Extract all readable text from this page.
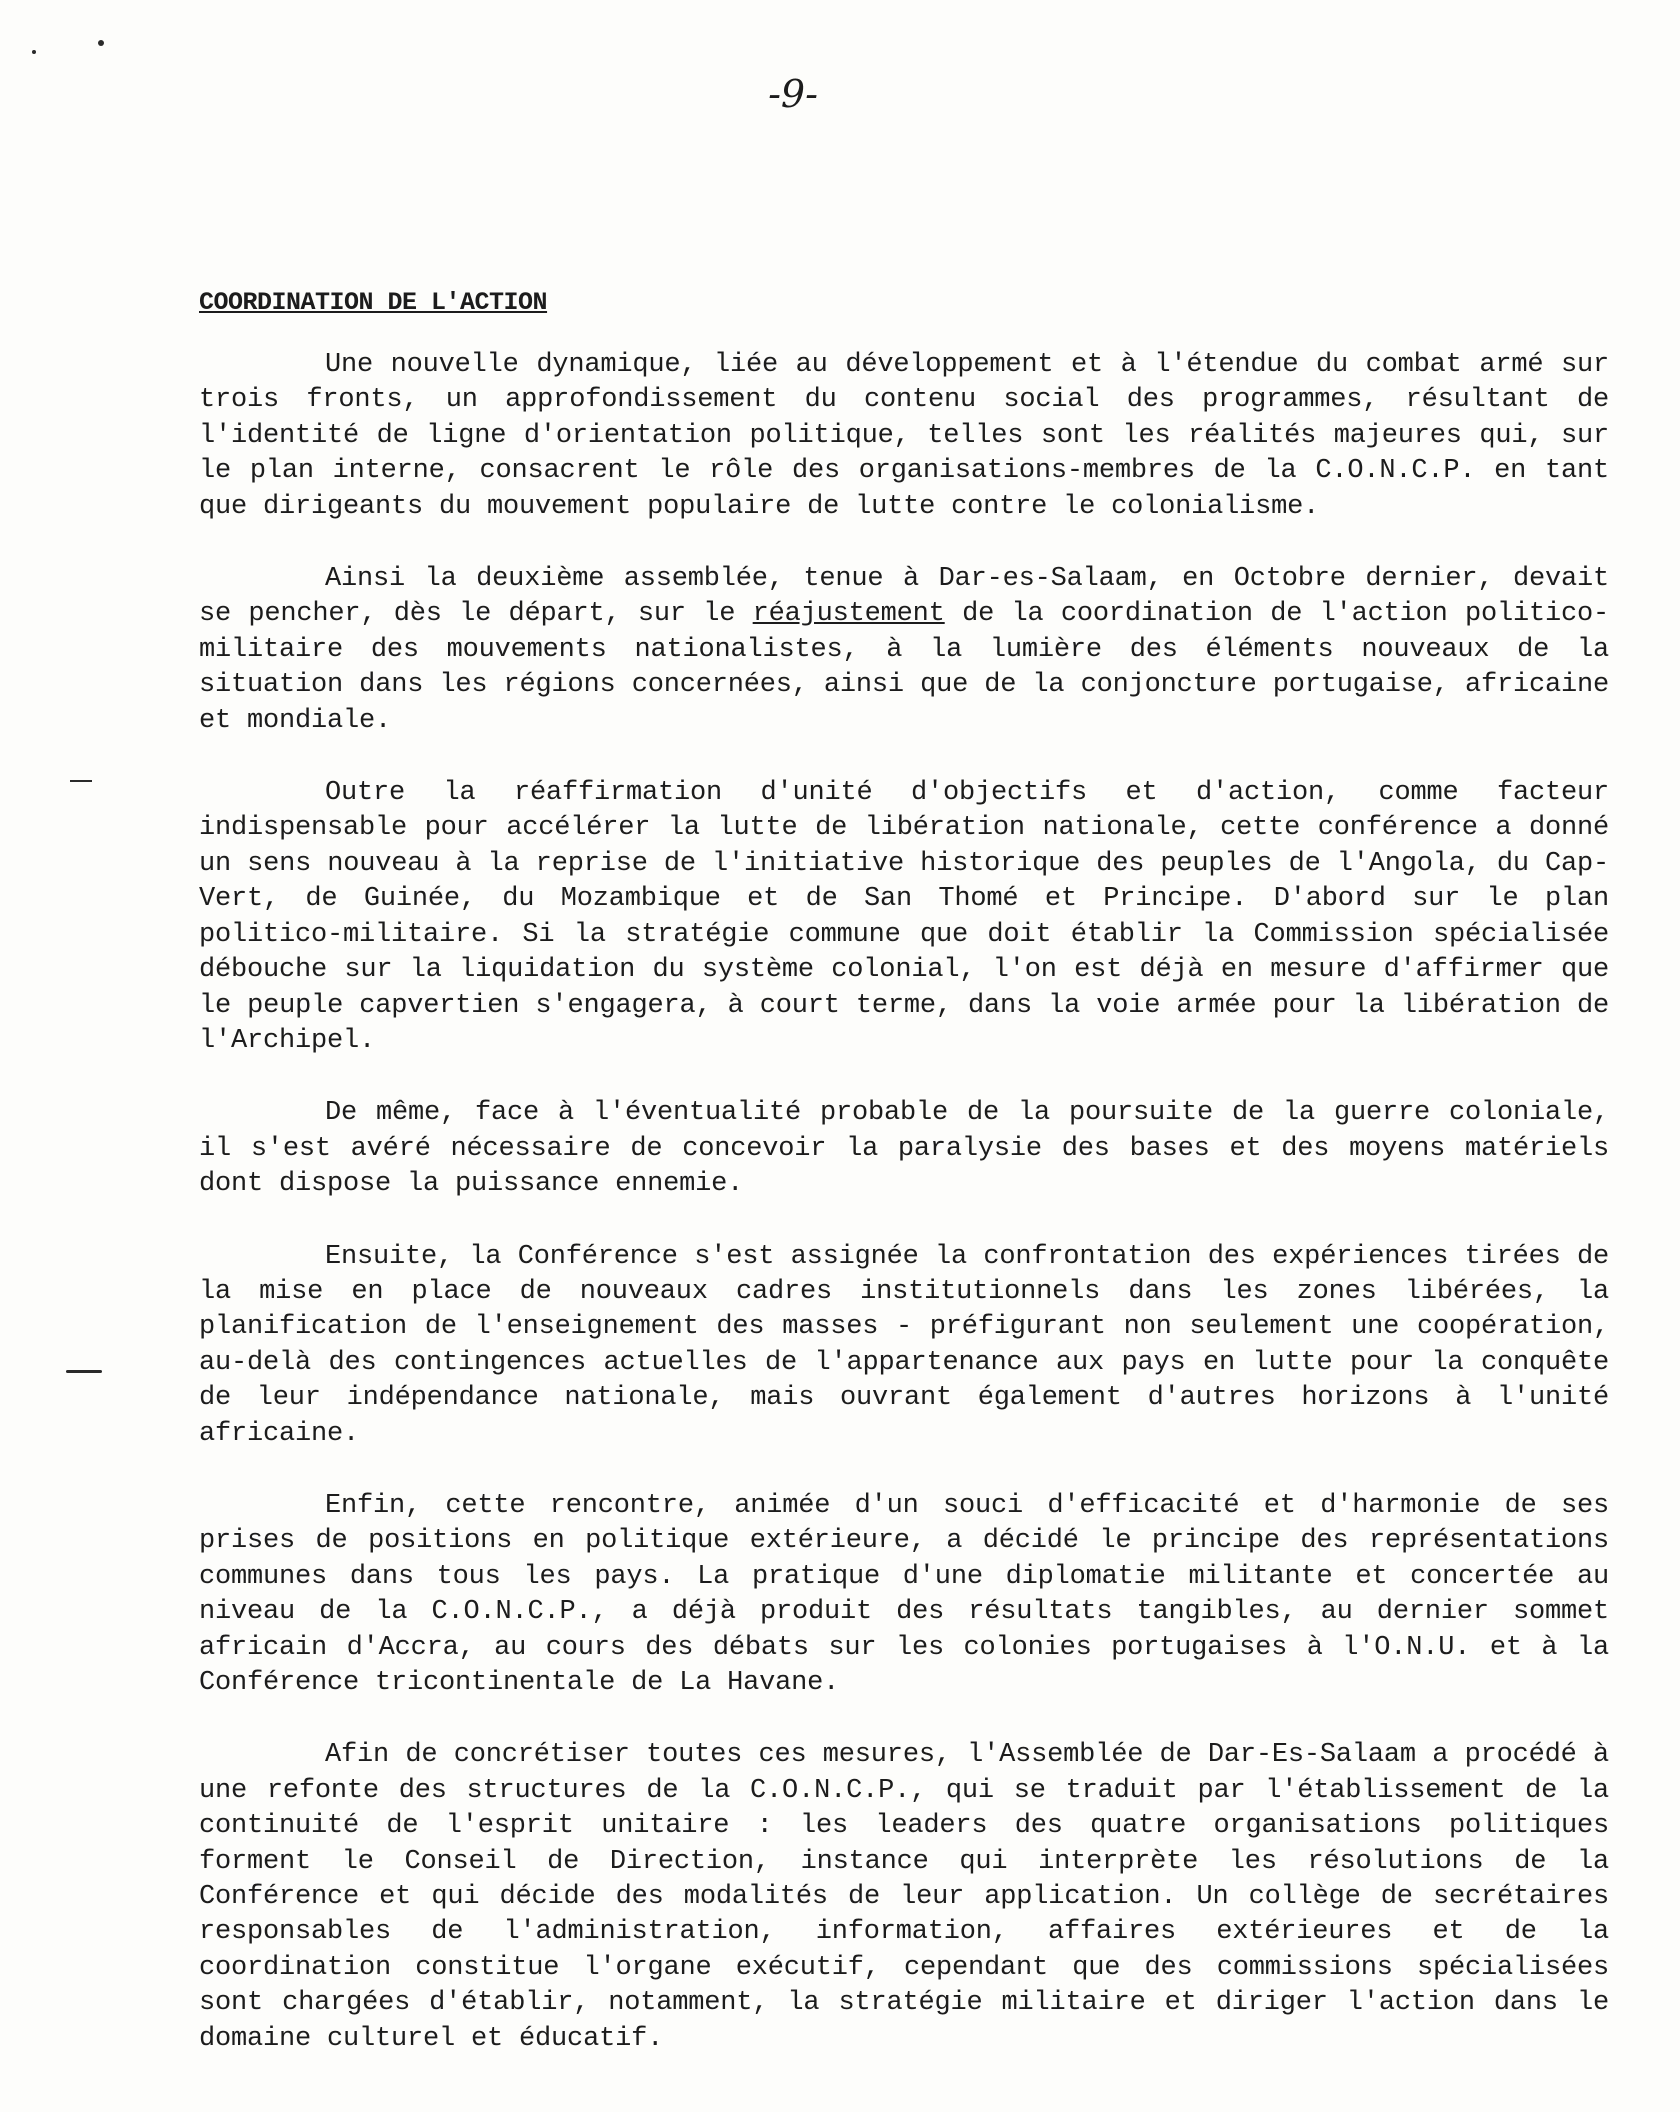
-9-
COORDINATION DE L'ACTION

Une nouvelle dynamique, liée au développement et à l'étendue du combat armé sur trois fronts, un approfondissement du contenu social des programmes, résultant de l'identité de ligne d'orientation politique, telles sont les réalités majeures qui, sur le plan interne, consacrent le rôle des organisations-membres de la C.O.N.C.P. en tant que dirigeants du mouvement populaire de lutte contre le colonialisme.

Ainsi la deuxième assemblée, tenue à Dar-es-Salaam, en Octobre dernier, devait se pencher, dès le départ, sur le réajustement de la coordination de l'action politico-militaire des mouvements nationalistes, à la lumière des éléments nouveaux de la situation dans les régions concernées, ainsi que de la conjoncture portugaise, africaine et mondiale.

Outre la réaffirmation d'unité d'objectifs et d'action, comme facteur indispensable pour accélérer la lutte de libération nationale, cette conférence a donné un sens nouveau à la reprise de l'initiative historique des peuples de l'Angola, du Cap-Vert, de Guinée, du Mozambique et de San Thomé et Principe. D'abord sur le plan politico-militaire. Si la stratégie commune que doit établir la Commission spécialisée débouche sur la liquidation du système colonial, l'on est déjà en mesure d'affirmer que le peuple capvertien s'engagera, à court terme, dans la voie armée pour la libération de l'Archipel.

De même, face à l'éventualité probable de la poursuite de la guerre coloniale, il s'est avéré nécessaire de concevoir la paralysie des bases et des moyens matériels dont dispose la puissance ennemie.

Ensuite, la Conférence s'est assignée la confrontation des expériences tirées de la mise en place de nouveaux cadres institutionnels dans les zones libérées, la planification de l'enseignement des masses - préfigurant non seulement une coopération, au-delà des contingences actuelles de l'appartenance aux pays en lutte pour la conquête de leur indépendance nationale, mais ouvrant également d'autres horizons à l'unité africaine.

Enfin, cette rencontre, animée d'un souci d'efficacité et d'harmonie de ses prises de positions en politique extérieure, a décidé le principe des représentations communes dans tous les pays. La pratique d'une diplomatie militante et concertée au niveau de la C.O.N.C.P., a déjà produit des résultats tangibles, au dernier sommet africain d'Accra, au cours des débats sur les colonies portugaises à l'O.N.U. et à la Conférence tricontinentale de La Havane.

Afin de concrétiser toutes ces mesures, l'Assemblée de Dar-Es-Salaam a procédé à une refonte des structures de la C.O.N.C.P., qui se traduit par l'établissement de la continuité de l'esprit unitaire : les leaders des quatre organisations politiques forment le Conseil de Direction, instance qui interprète les résolutions de la Conférence et qui décide des modalités de leur application. Un collège de secrétaires responsables de l'administration, information, affaires extérieures et de la coordination constitue l'organe exécutif, cependant que des commissions spécialisées sont chargées d'établir, notamment, la stratégie militaire et diriger l'action dans le domaine culturel et éducatif.
